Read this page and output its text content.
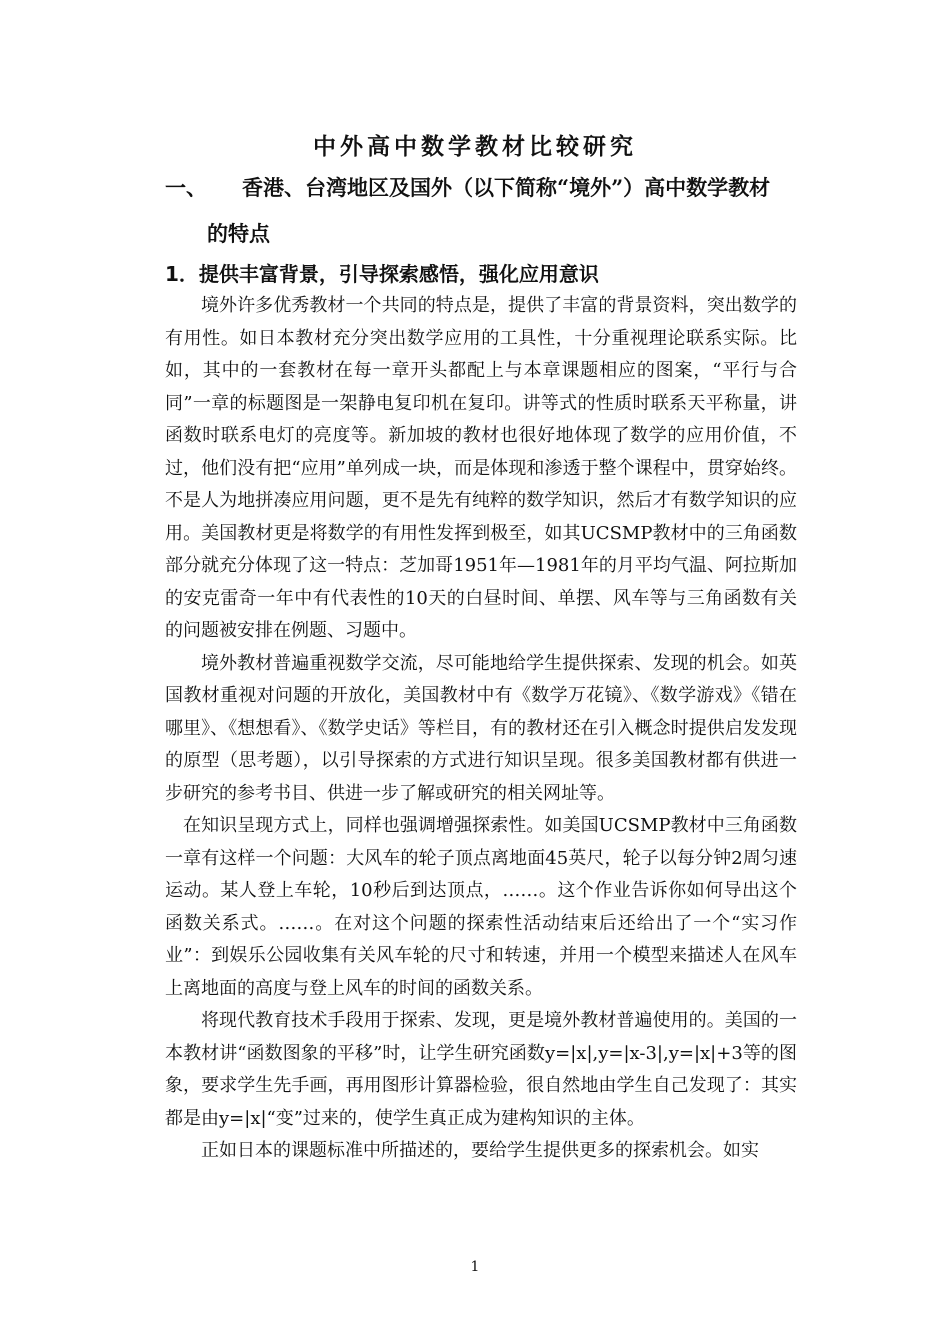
中外高中数学教材比较研究
一、 香港、台湾地区及国外（以下简称“境外”）高中数学教材
的特点
1．提供丰富背景，引导探索感悟，强化应用意识

境外许多优秀教材一个共同的特点是，提供了丰富的背景资料，突出数学的有用性。如日本教材充分突出数学应用的工具性，十分重视理论联系实际。比如，其中的一套教材在每一章开头都配上与本章课题相应的图案，“平行与合同”一章的标题图是一架静电复印机在复印。讲等式的性质时联系天平称量，讲函数时联系电灯的亮度等。新加坡的教材也很好地体现了数学的应用价值，不过，他们没有把“应用”单列成一块，而是体现和渗透于整个课程中，贯穿始终。不是人为地拼凑应用问题，更不是先有纯粹的数学知识，然后才有数学知识的应用。美国教材更是将数学的有用性发挥到极至，如其UCSMP教材中的三角函数部分就充分体现了这一特点：芝加哥1951年—1981年的月平均气温、阿拉斯加的安克雷奇一年中有代表性的10天的白昼时间、单摆、风车等与三角函数有关的问题被安排在例题、习题中。

境外教材普遍重视数学交流，尽可能地给学生提供探索、发现的机会。如英国教材重视对问题的开放化，美国教材中有《数学万花镜》、《数学游戏》《错在哪里》、《想想看》、《数学史话》等栏目，有的教材还在引入概念时提供启发发现的原型（思考题），以引导探索的方式进行知识呈现。很多美国教材都有供进一步研究的参考书目、供进一步了解或研究的相关网址等。

在知识呈现方式上，同样也强调增强探索性。如美国UCSMP教材中三角函数一章有这样一个问题：大风车的轮子顶点离地面45英尺，轮子以每分钟2周匀速运动。某人登上车轮，10秒后到达顶点，……。这个作业告诉你如何导出这个函数关系式。……。在对这个问题的探索性活动结束后还给出了一个“实习作业”：到娱乐公园收集有关风车轮的尺寸和转速，并用一个模型来描述人在风车上离地面的高度与登上风车的时间的函数关系。

将现代教育技术手段用于探索、发现，更是境外教材普遍使用的。美国的一本教材讲“函数图象的平移”时，让学生研究函数y=|x|,y=|x-3|,y=|x|+3等的图象，要求学生先手画，再用图形计算器检验，很自然地由学生自己发现了：其实都是由y=|x|“变”过来的，使学生真正成为建构知识的主体。

正如日本的课题标准中所描述的，要给学生提供更多的探索机会。如实

1
